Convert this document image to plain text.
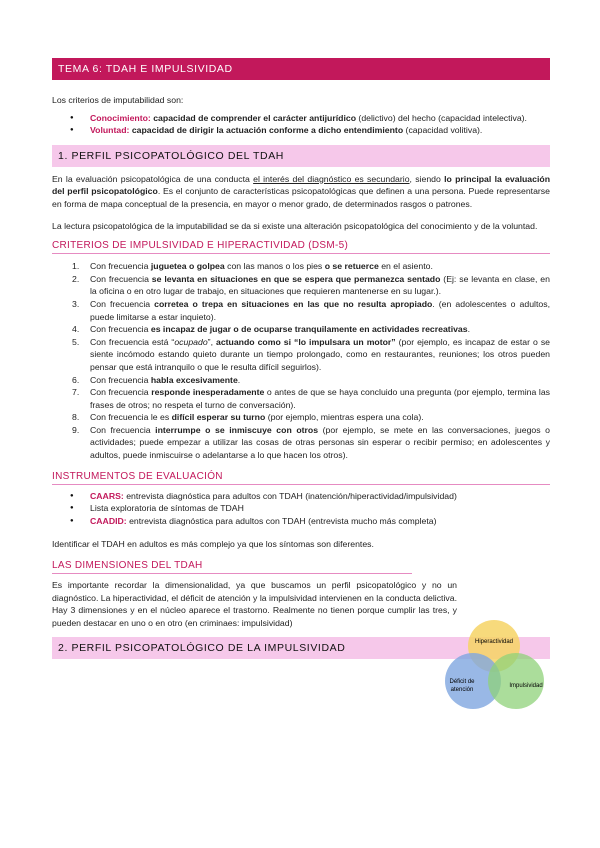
TEMA 6: TDAH E IMPULSIVIDAD

Los criterios de imputabilidad son:

● Conocimiento: capacidad de comprender el carácter antijurídico (delictivo) del hecho (capacidad intelectiva).
● Voluntad: capacidad de dirigir la actuación conforme a dicho entendimiento (capacidad volitiva).
1. PERFIL PSICOPATOLÓGICO DEL TDAH

En la evaluación psicopatológica de una conducta el interés del diagnóstico es secundario, siendo lo principal la evaluación del perfil psicopatológico. Es el conjunto de características psicopatológicas que definen a una persona. Puede representarse en forma de mapa conceptual de la presencia, en mayor o menor grado, de determinados rasgos o patrones.

La lectura psicopatológica de la imputabilidad se da si existe una alteración psicopatológica del conocimiento y de la voluntad.

CRITERIOS DE IMPULSIVIDAD E HIPERACTIVIDAD (DSM-5)
1. Con frecuencia juguetea o golpea con las manos o los pies o se retuerce en el asiento.
2. Con frecuencia se levanta en situaciones en que se espera que permanezca sentado (Ej: se levanta en clase, en la oficina o en otro lugar de trabajo, en situaciones que requieren mantenerse en su lugar.).
3. Con frecuencia corretea o trepa en situaciones en las que no resulta apropiado. (en adolescentes o adultos, puede limitarse a estar inquieto).
4. Con frecuencia es incapaz de jugar o de ocuparse tranquilamente en actividades recreativas.
5. Con frecuencia está “ocupado”, actuando como si “lo impulsara un motor” (por ejemplo, es incapaz de estar o se siente incómodo estando quieto durante un tiempo prolongado, como en restaurantes, reuniones; los otros pueden pensar que está intranquilo o que le resulta difícil seguirlos).
6. Con frecuencia habla excesivamente.
7. Con frecuencia responde inesperadamente o antes de que se haya concluido una pregunta (por ejemplo, termina las frases de otros; no respeta el turno de conversación).
8. Con frecuencia le es difícil esperar su turno (por ejemplo, mientras espera una cola).
9. Con frecuencia interrumpe o se inmiscuye con otros (por ejemplo, se mete en las conversaciones, juegos o actividades; puede empezar a utilizar las cosas de otras personas sin esperar o recibir permiso; en adolescentes y adultos, puede inmiscuirse o adelantarse a lo que hacen los otros).
INSTRUMENTOS DE EVALUACIÓN
● CAARS: entrevista diagnóstica para adultos con TDAH (inatención/hiperactividad/impulsividad)
● Lista exploratoria de síntomas de TDAH
● CAADID: entrevista diagnóstica para adultos con TDAH (entrevista mucho más completa)

Identificar el TDAH en adultos es más complejo ya que los síntomas son diferentes.

LAS DIMENSIONES DEL TDAH

Es importante recordar la dimensionalidad, ya que buscamos un perfil psicopatológico y no un diagnóstico. La hiperactividad, el déficit de atención y la impulsividad intervienen en la conducta delictiva. Hay 3 dimensiones y en el núcleo aparece el trastorno. Realmente no tienen porque cumplir las tres, y pueden destacar en uno o en otro (en criminaes: impulsividad)

2. PERFIL PSICOPATOLÓGICO DE LA IMPULSIVIDAD
Hiperactividad
Déficit de
atención
Impulsividad
